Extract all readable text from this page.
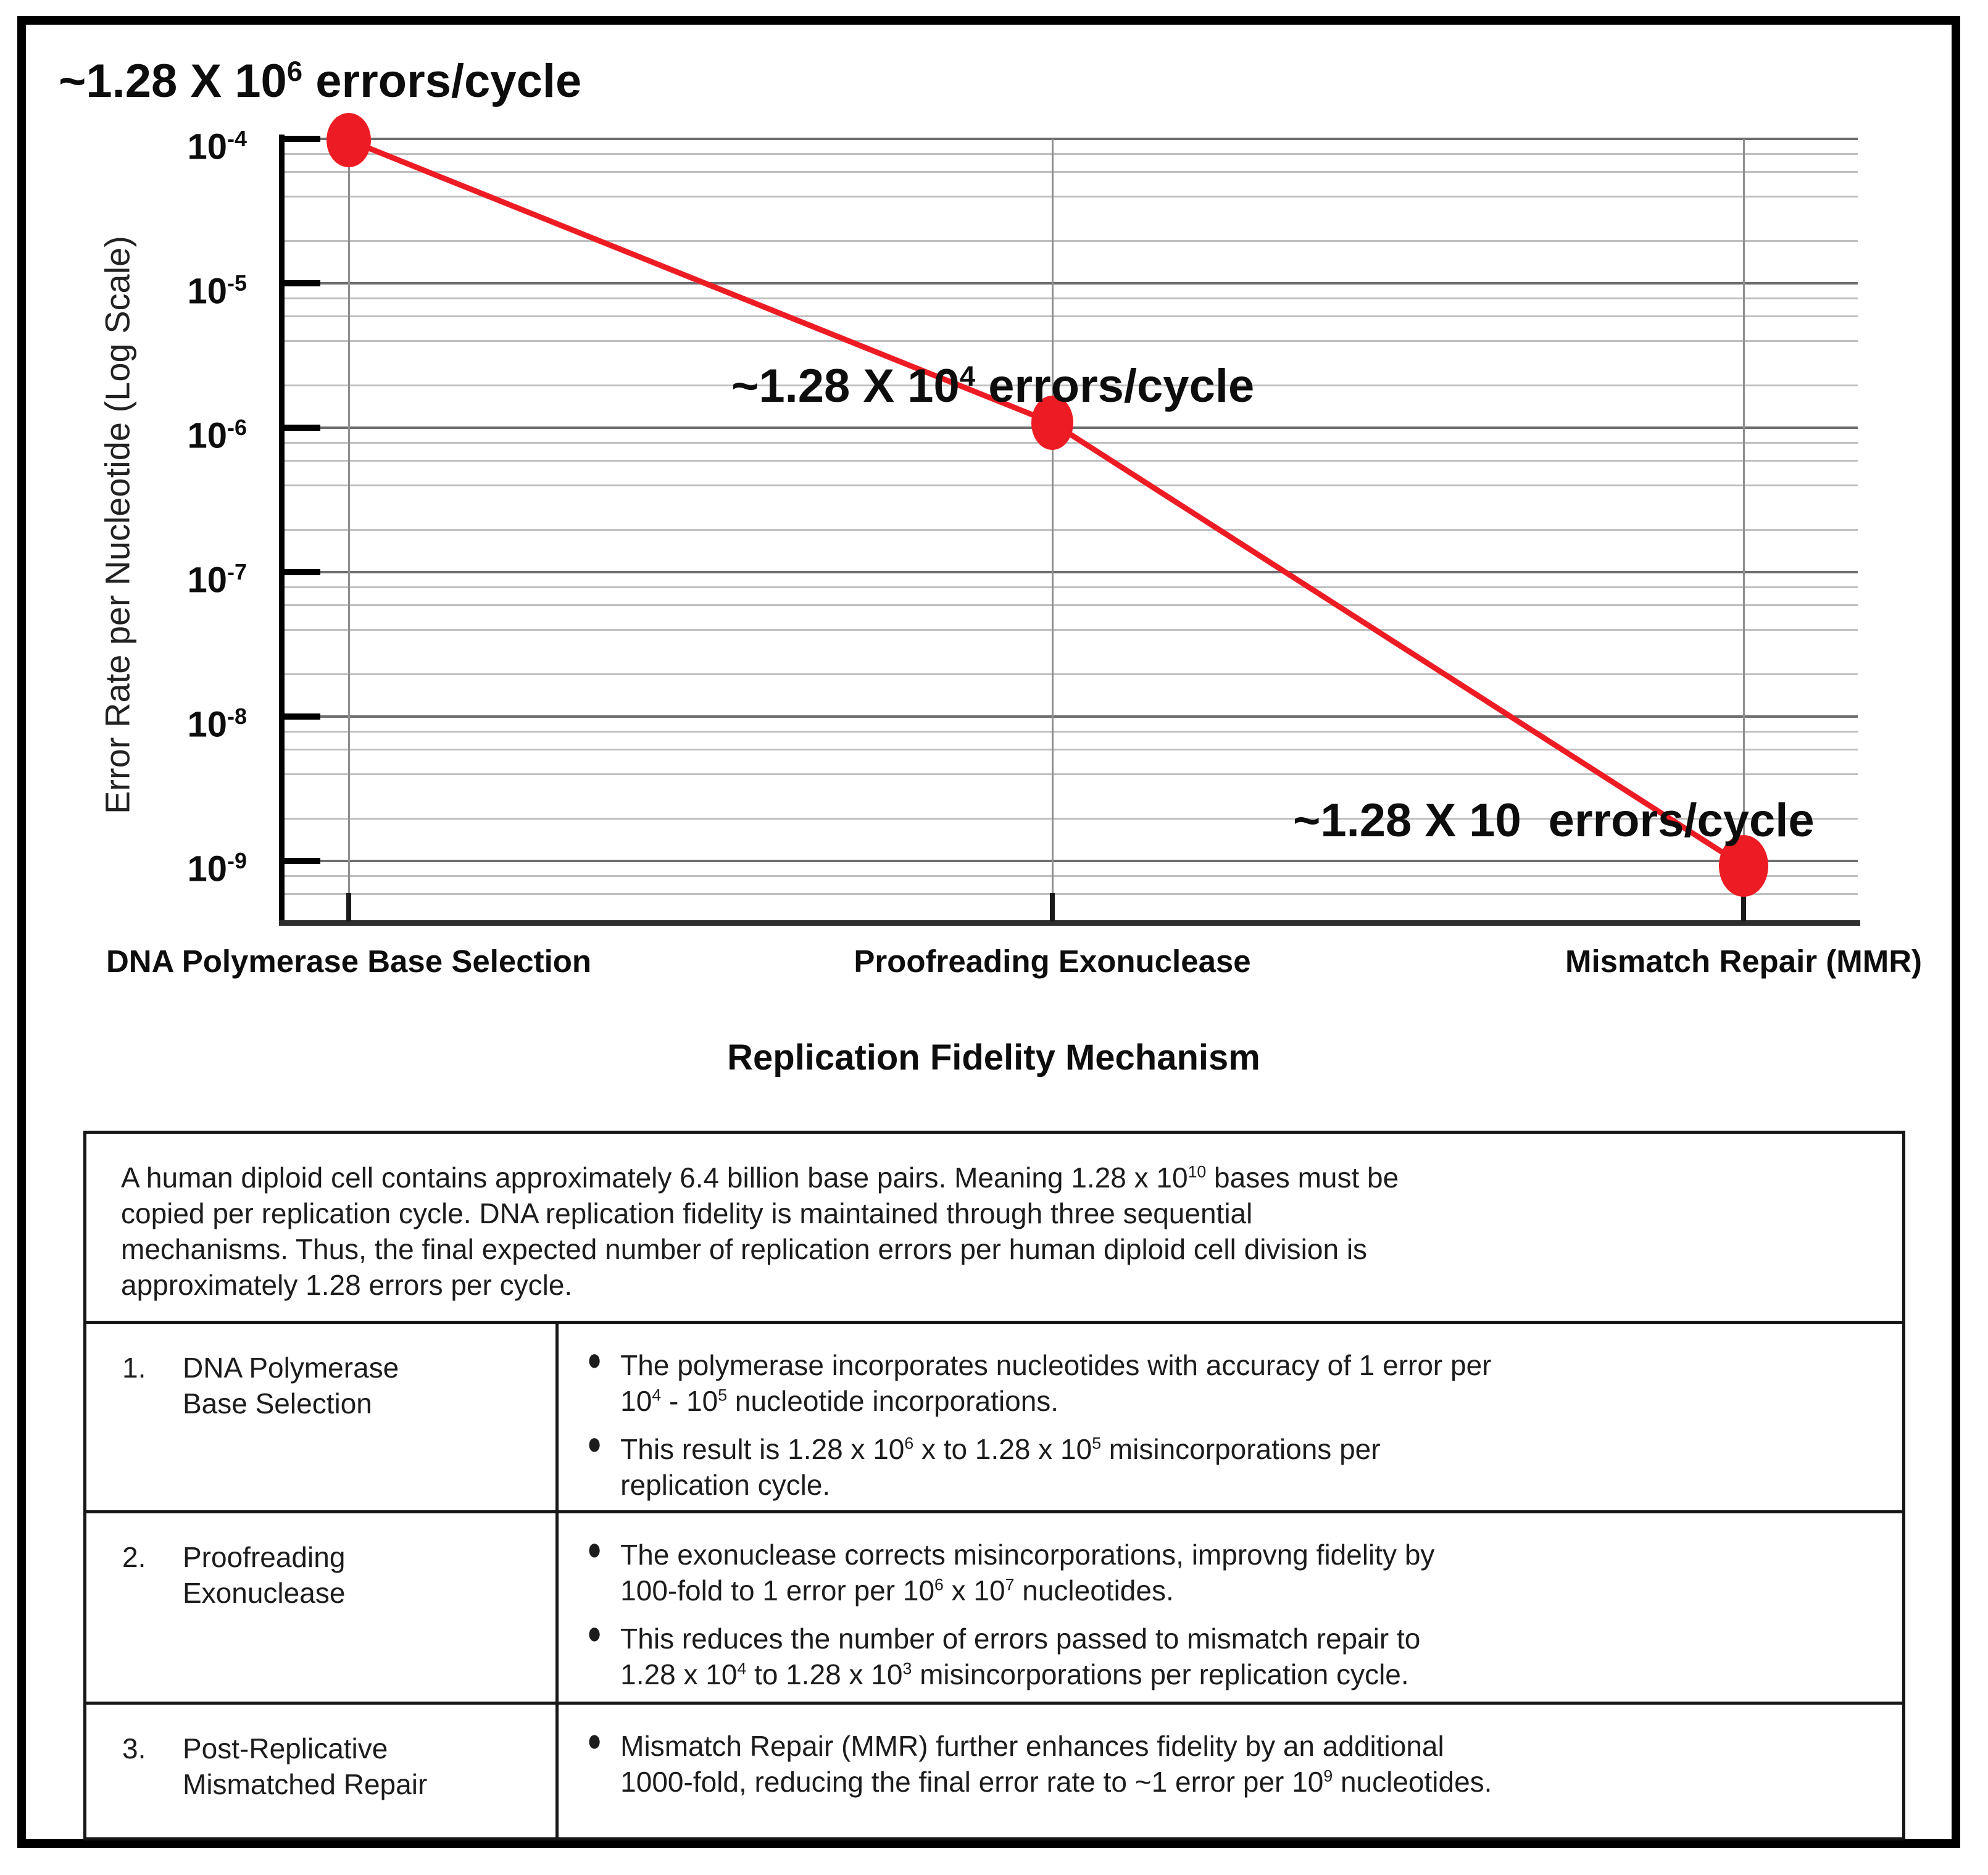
Error Rate per Nucleotide (Log Scale)
Replication Fidelity Mechanism
$10^{-4}$
$10^{-5}$
$10^{-6}$
$10^{-7}$
$10^{-8}$
$10^{-9}$
DNA Polymerase Base Selection	Proofreading Exonuclease	Mismatch Repair (MMR)
~1.28 X 106 errors/cycle
~1.28 X 104 errors/cycle
~1.28 X 10 errors/cycle
A human diploid cell contains approximately 6.4 billion base pairs. Meaning 1.28 x $10^{10}$ bases must be
copied per replication cycle. DNA replication fidelity is maintained through three sequential
mechanisms. Thus, the final expected number of replication errors per human diploid cell division is
approximately 1.28 errors per cycle.
1.	DNA Polymerase
Base Selection
● The polymerase incorporates nucleotides with accuracy of 1 error per
$10^4 - 10^5$ nucleotide incorporations.
● This result is 1.28 x $10^6$ x to 1.28 x $10^5$ misincorporations per
replication cycle.
2.	Proofreading
Exonuclease
● The exonuclease corrects misincorporations, improvng fidelity by
100-fold to 1 error per $10^6$ x $10^7$ nucleotides.
● This reduces the number of errors passed to mismatch repair to
1.28 x $10^4$ to 1.28 x $10^3$ misincorporations per replication cycle.
3.	Post-Replicative
Mismatched Repair
● Mismatch Repair (MMR) further enhances fidelity by an additional
1000-fold, reducing the final error rate to ~1 error per $10^9$ nucleotides.
